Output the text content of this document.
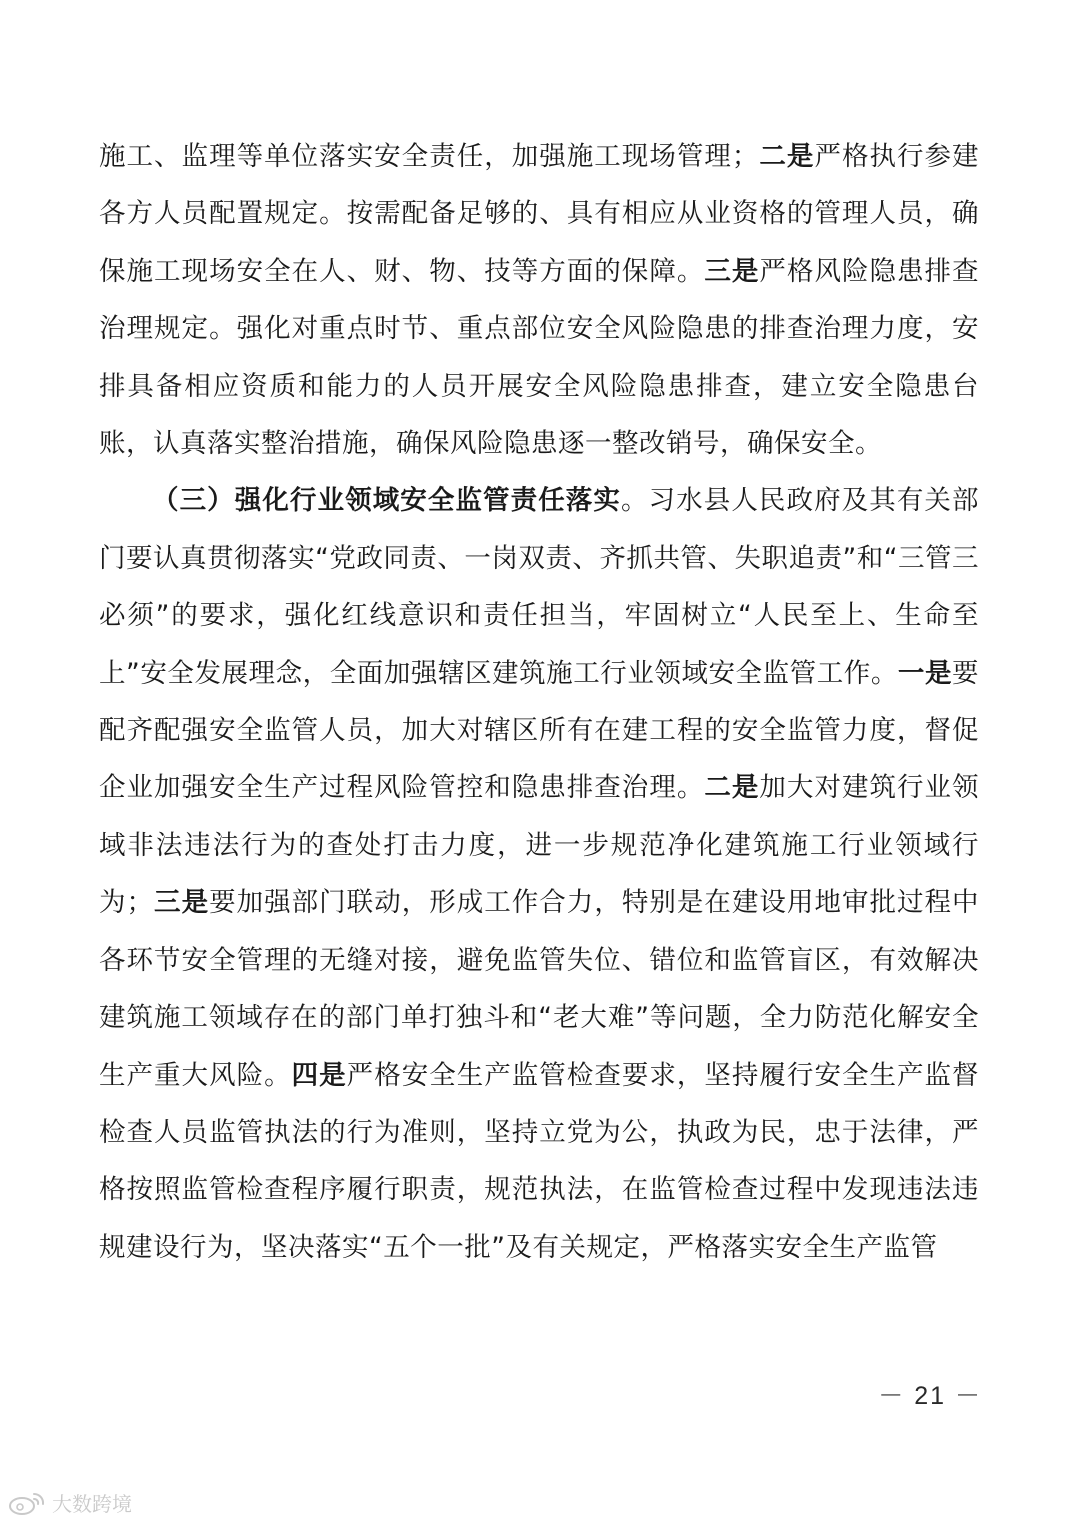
施工、监理等单位落实安全责任，加强施工现场管理；二是严格执行参建各方人员配置规定。按需配备足够的、具有相应从业资格的管理人员，确保施工现场安全在人、财、物、技等方面的保障。三是严格风险隐患排查治理规定。强化对重点时节、重点部位安全风险隐患的排查治理力度，安排具备相应资质和能力的人员开展安全风险隐患排查，建立安全隐患台账，认真落实整治措施，确保风险隐患逐一整改销号，确保安全。

（三）强化行业领域安全监管责任落实。习水县人民政府及其有关部门要认真贯彻落实“党政同责、一岗双责、齐抓共管、失职追责”和“三管三必须”的要求，强化红线意识和责任担当，牢固树立“人民至上、生命至上”安全发展理念，全面加强辖区建筑施工行业领域安全监管工作。一是要配齐配强安全监管人员，加大对辖区所有在建工程的安全监管力度，督促企业加强安全生产过程风险管控和隐患排查治理。二是加大对建筑行业领域非法违法行为的查处打击力度，进一步规范净化建筑施工行业领域行为；三是要加强部门联动，形成工作合力，特别是在建设用地审批过程中各环节安全管理的无缝对接，避免监管失位、错位和监管盲区，有效解决建筑施工领域存在的部门单打独斗和“老大难”等问题，全力防范化解安全生产重大风险。四是严格安全生产监管检查要求，坚持履行安全生产监督检查人员监管执法的行为准则，坚持立党为公，执政为民，忠于法律，严格按照监管检查程序履行职责，规范执法，在监管检查过程中发现违法违规建设行为，坚决落实“五个一批”及有关规定，严格落实安全生产监管

－ 21 －
大数跨境
